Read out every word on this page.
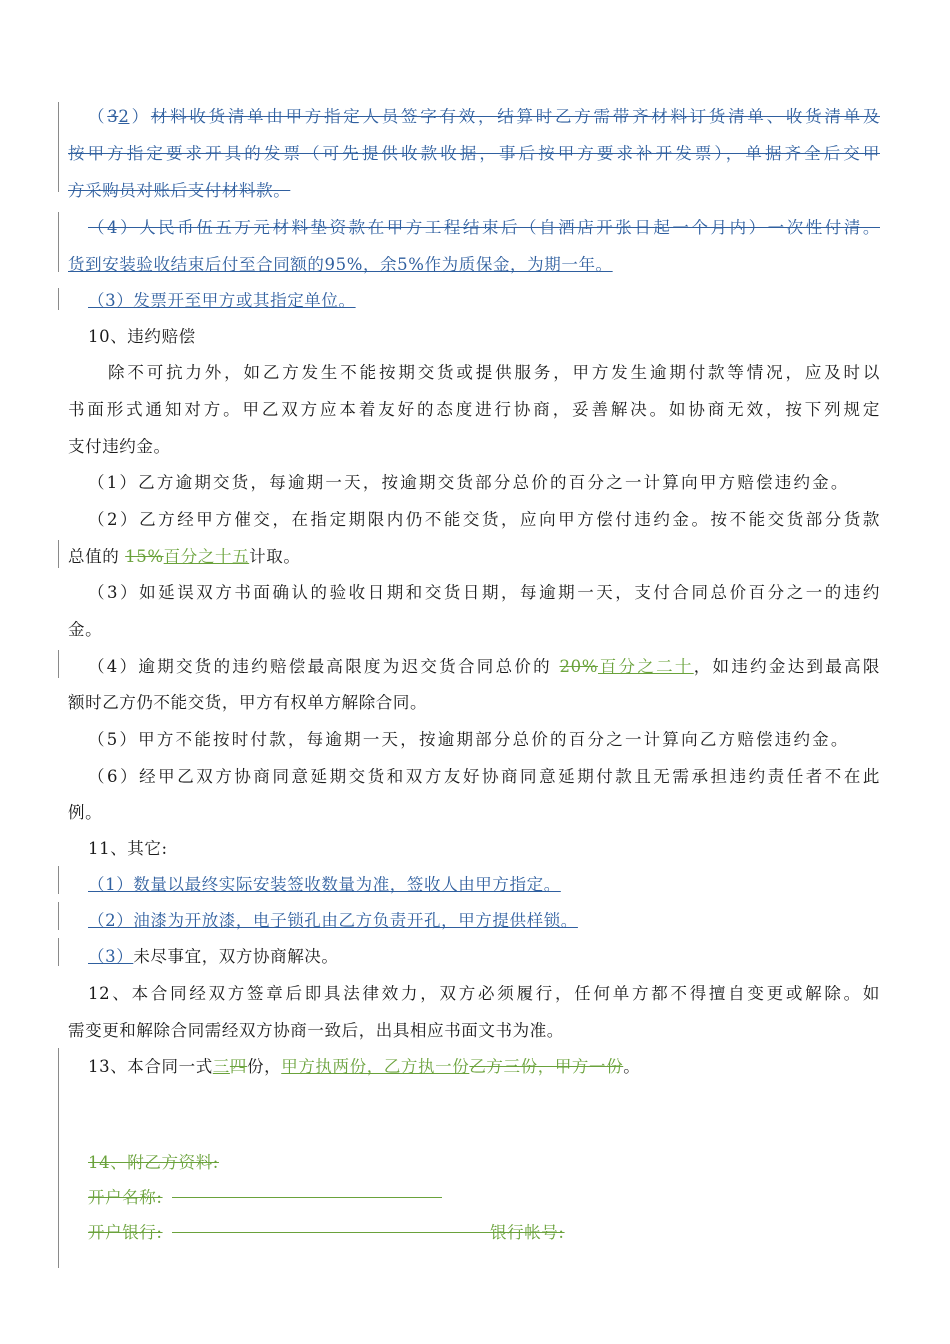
（32）材料收货清单由甲方指定人员签字有效，结算时乙方需带齐材料订货清单、收货清单及
按甲方指定要求开具的发票（可先提供收款收据，事后按甲方要求补开发票），单据齐全后交甲
方采购员对账后支付材料款。
（4）人民币伍五万元材料垫资款在甲方工程结束后（自酒店开张日起一个月内）一次性付清。
货到安装验收结束后付至合同额的95%，余5%作为质保金，为期一年。
（3）发票开至甲方或其指定单位。
10、违约赔偿
除不可抗力外，如乙方发生不能按期交货或提供服务，甲方发生逾期付款等情况，应及时以
书面形式通知对方。甲乙双方应本着友好的态度进行协商，妥善解决。如协商无效，按下列规定
支付违约金。
（1）乙方逾期交货，每逾期一天，按逾期交货部分总价的百分之一计算向甲方赔偿违约金。
（2）乙方经甲方催交，在指定期限内仍不能交货，应向甲方偿付违约金。按不能交货部分货款
总值的 15%百分之十五计取。
（3）如延误双方书面确认的验收日期和交货日期，每逾期一天，支付合同总价百分之一的违约
金。
（4）逾期交货的违约赔偿最高限度为迟交货合同总价的 20%百分之二十，如违约金达到最高限
额时乙方仍不能交货，甲方有权单方解除合同。
（5）甲方不能按时付款，每逾期一天，按逾期部分总价的百分之一计算向乙方赔偿违约金。
（6）经甲乙双方协商同意延期交货和双方友好协商同意延期付款且无需承担违约责任者不在此
例。
11、其它:
（1）数量以最终实际安装签收数量为准，签收人由甲方指定。
（2）油漆为开放漆，电子锁孔由乙方负责开孔，甲方提供样锁。
（3）未尽事宜，双方协商解决。
12、本合同经双方签章后即具法律效力，双方必须履行，任何单方都不得擅自变更或解除。如
需变更和解除合同需经双方协商一致后，出具相应书面文书为准。
13、本合同一式三四份，甲方执两份，乙方执一份乙方三份，甲方一份。
14、附乙方资料:
开户名称:
开户银行:	银行帐号:
